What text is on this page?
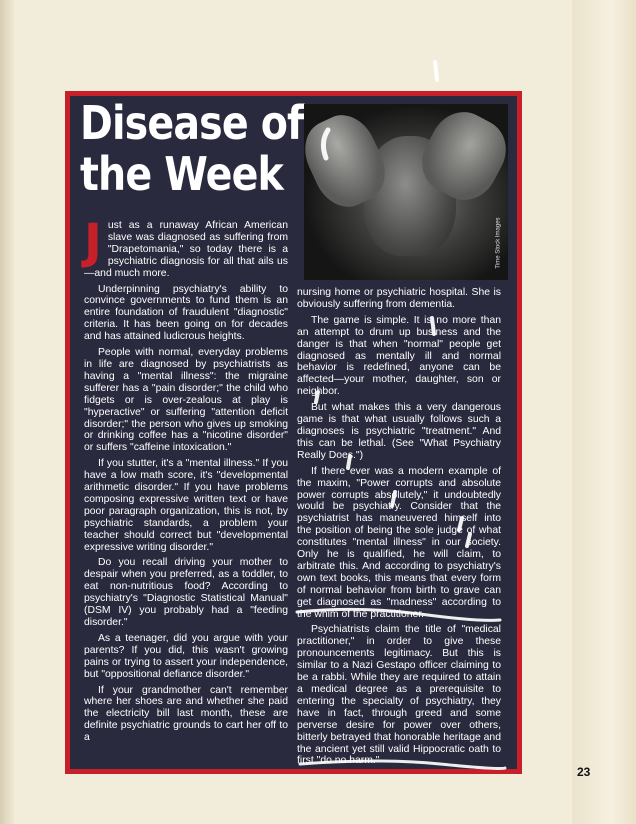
Disease of
the Week
Time Stock Images

Just as a runaway African American slave was diagnosed as suffering from "Drapetomania," so today there is a psychiatric diagnosis for all that ails us—and much more.

Underpinning psychiatry's ability to convince governments to fund them is an entire foundation of fraudulent "diagnostic" criteria. It has been going on for decades and has attained ludicrous heights.

People with normal, everyday problems in life are diagnosed by psychiatrists as having a "mental illness": the migraine sufferer has a "pain disorder;" the child who fidgets or is over-zealous at play is "hyperactive" or suffering "attention deficit disorder;" the person who gives up smoking or drinking coffee has a "nicotine disorder" or suffers "caffeine intoxication."

If you stutter, it's a "mental illness." If you have a low math score, it's "developmental arithmetic disorder." If you have problems composing expressive written text or have poor paragraph organization, this is not, by psychiatric standards, a problem your teacher should correct but "developmental expressive writing disorder."

Do you recall driving your mother to despair when you preferred, as a toddler, to eat non-nutritious food? According to psychiatry's "Diagnostic Statistical Manual" (DSM IV) you probably had a "feeding disorder."

As a teenager, did you argue with your parents? If you did, this wasn't growing pains or trying to assert your independence, but "oppositional defiance disorder."

If your grandmother can't remember where her shoes are and whether she paid the electricity bill last month, these are definite psychiatric grounds to cart her off to a

nursing home or psychiatric hospital. She is obviously suffering from dementia.

The game is simple. It is no more than an attempt to drum up business and the danger is that when "normal" people get diagnosed as mentally ill and normal behavior is redefined, anyone can be affected—your mother, daughter, son or neighbor.

But what makes this a very dangerous game is that what usually follows such a diagnoses is psychiatric "treatment." And this can be lethal. (See "What Psychiatry Really Does.")

If there ever was a modern example of the maxim, "Power corrupts and absolute power corrupts absolutely," it undoubtedly would be psychiatry. Consider that the psychiatrist has maneuvered himself into the position of being the sole judge of what constitutes "mental illness" in our society. Only he is qualified, he will claim, to arbitrate this. And according to psychiatry's own text books, this means that every form of normal behavior from birth to grave can get diagnosed as "madness" according to the whim of the practitioner.

Psychiatrists claim the title of "medical practitioner," in order to give these pronouncements legitimacy. But this is similar to a Nazi Gestapo officer claiming to be a rabbi. While they are required to attain a medical degree as a prerequisite to entering the specialty of psychiatry, they have in fact, through greed and some perverse desire for power over others, bitterly betrayed that honorable heritage and the ancient yet still valid Hippocratic oath to first "do no harm."

23
